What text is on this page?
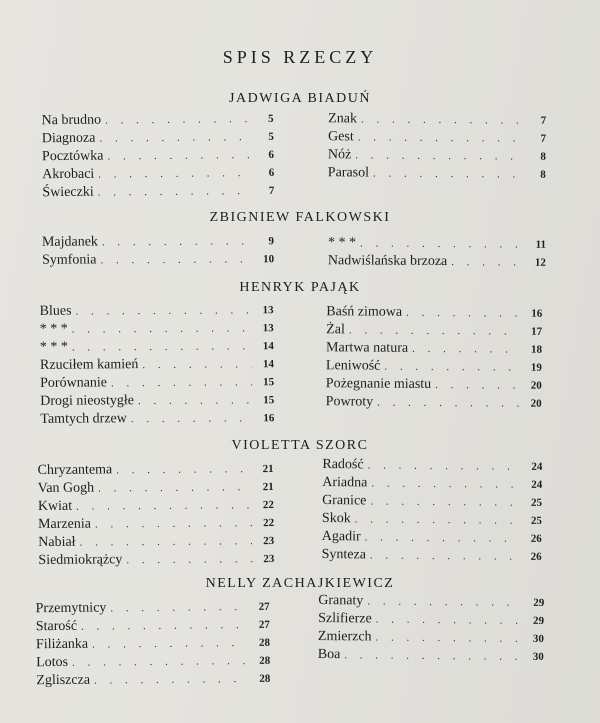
SPIS RZECZY
JADWIGA BIADUŃ
Na brudno . . .	5
Diagnoza . . .	5
Pocztówka . . .	6
Akrobaci . . .	6
Świeczki . . .	7
Znak . . .	7
Gest . . .	7
Nóż . . .	8
Parasol . . .	8
ZBIGNIEW FALKOWSKI
Majdanek . . .	9
Symfonia . . .	10
* * * . . .	11
Nadwiślańska brzoza . . .	12
HENRYK PAJĄK
Blues . . .	13
* * * . . .	13
* * * . . .	14
Rzuciłem kamień . . .	14
Porównanie . . .	15
Drogi nieostygłe . . .	15
Tamtych drzew . . .	16
Baśń zimowa . . .	16
Żal . . .	17
Martwa natura . . .	18
Leniwość . . .	19
Pożegnanie miastu . . .	20
Powroty . . .	20
VIOLETTA SZORC
Chryzantema . . .	21
Van Gogh . . .	21
Kwiat . . .	22
Marzenia . . .	22
Nabiał . . .	23
Siedmiokrążcy . . .	23
Radość . . .	24
Ariadna . . .	24
Granice . . .	25
Skok . . .	25
Agadir . . .	26
Synteza . . .	26
NELLY ZACHAJKIEWICZ
Przemytnicy . . .	27
Starość . . .	27
Filiżanka . . .	28
Lotos . . .	28
Zgliszcza . . .	28
Granaty . . .	29
Szlifierze . . .	29
Zmierzch . . .	30
Boa . . .	30
